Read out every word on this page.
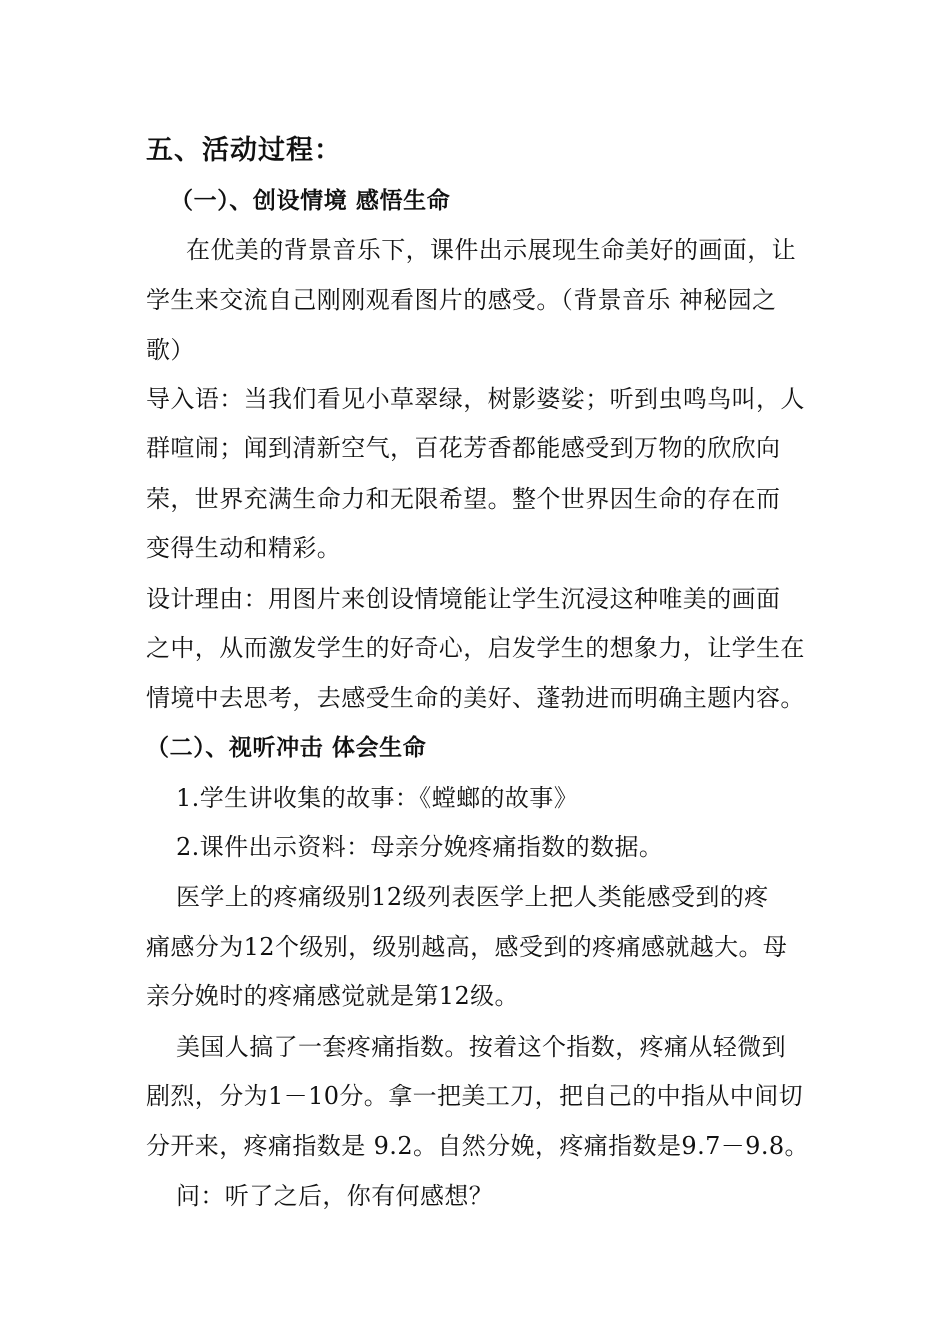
五、活动过程：
（一）、创设情境 感悟生命
在优美的背景音乐下，课件出示展现生命美好的画面，让
学生来交流自己刚刚观看图片的感受。（背景音乐 神秘园之
歌）
导入语：当我们看见小草翠绿，树影婆娑；听到虫鸣鸟叫，人
群喧闹；闻到清新空气，百花芳香都能感受到万物的欣欣向
荣，世界充满生命力和无限希望。整个世界因生命的存在而
变得生动和精彩。
设计理由：用图片来创设情境能让学生沉浸这种唯美的画面
之中，从而激发学生的好奇心，启发学生的想象力，让学生在
情境中去思考，去感受生命的美好、蓬勃进而明确主题内容。
（二）、视听冲击 体会生命
1.学生讲收集的故事：《螳螂的故事》
2.课件出示资料：母亲分娩疼痛指数的数据。
医学上的疼痛级别12级列表医学上把人类能感受到的疼
痛感分为12个级别，级别越高，感受到的疼痛感就越大。母
亲分娩时的疼痛感觉就是第12级。
美国人搞了一套疼痛指数。按着这个指数，疼痛从轻微到
剧烈，分为1－10分。拿一把美工刀，把自己的中指从中间切
分开来，疼痛指数是 9.2。自然分娩，疼痛指数是9.7－9.8。
问：听了之后，你有何感想？
